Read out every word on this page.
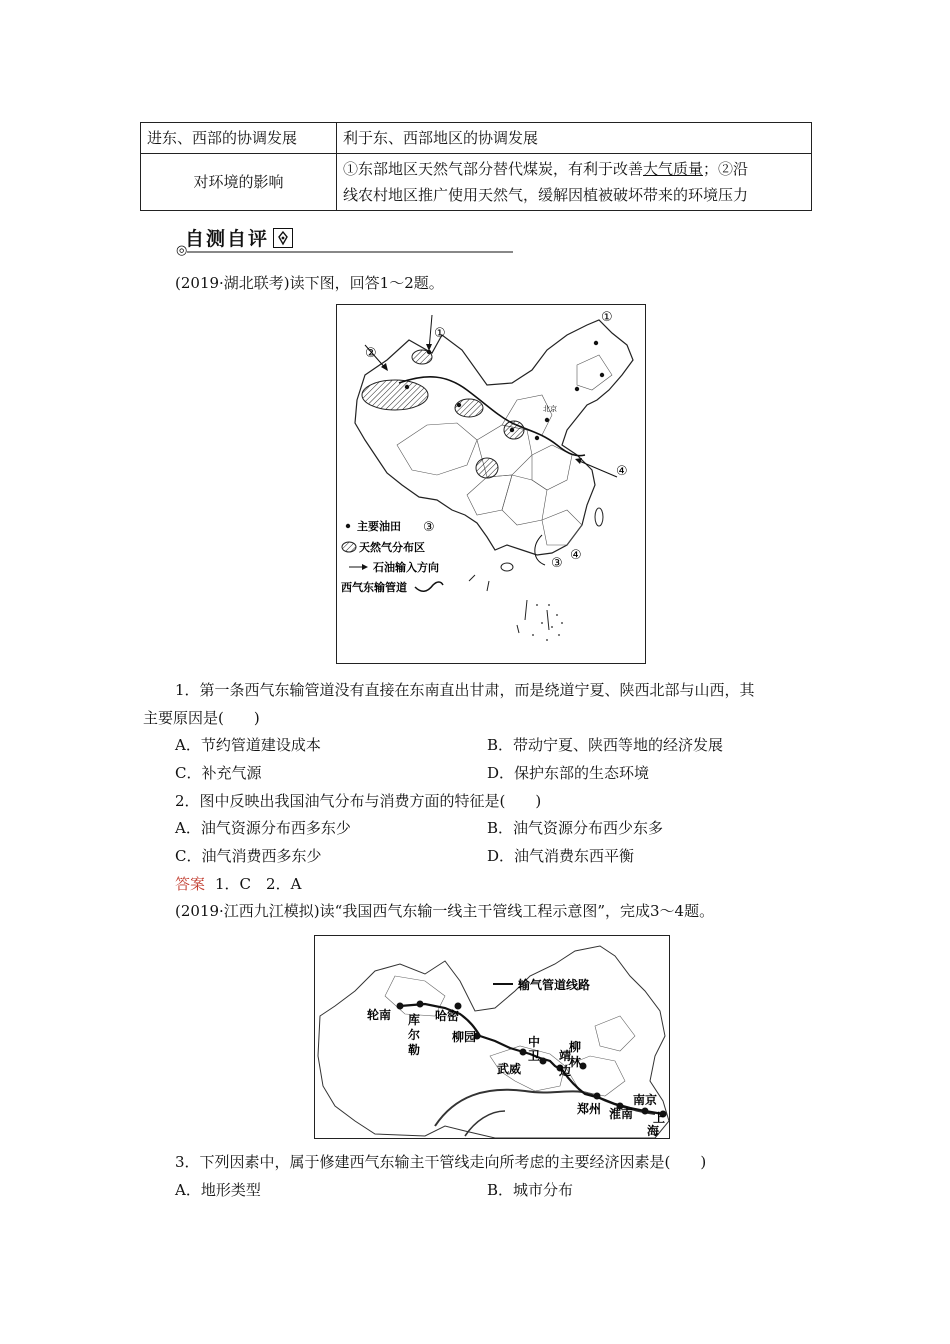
进东、西部的协调发展	利于东、西部地区的协调发展
对环境的影响	①东部地区天然气部分替代煤炭，有利于改善大气质量；②沿
线农村地区推广使用天然气，缓解因植被破坏带来的环境压力
自测自评
◎
(2019·湖北联考)读下图，回答1～2题。
①
①
②
③
③
④
④
北京
主要油田
天然气分布区
石油输入方向
西气东输管道
1．第一条西气东输管道没有直接在东南直出甘肃，而是绕道宁夏、陕西北部与山西，其
主要原因是(　　)
A．节约管道建设成本	B．带动宁夏、陕西等地的经济发展
C．补充气源	D．保护东部的生态环境
2．图中反映出我国油气分布与消费方面的特征是(　　)
A．油气资源分布西多东少	B．油气资源分布西少东多
C．油气消费西多东少	D．油气消费东西平衡
答案 1．C　2．A
(2019·江西九江模拟)读“我国西气东输一线主干管线工程示意图”，完成3～4题。
输气管道线路
轮南 库
尔
勒
哈密
柳园	中
卫
武威
靖
边
柳
林
郑州 淮南
南京
上
海
3．下列因素中，属于修建西气东输主干管线走向所考虑的主要经济因素是(　　)
A．地形类型	B．城市分布
